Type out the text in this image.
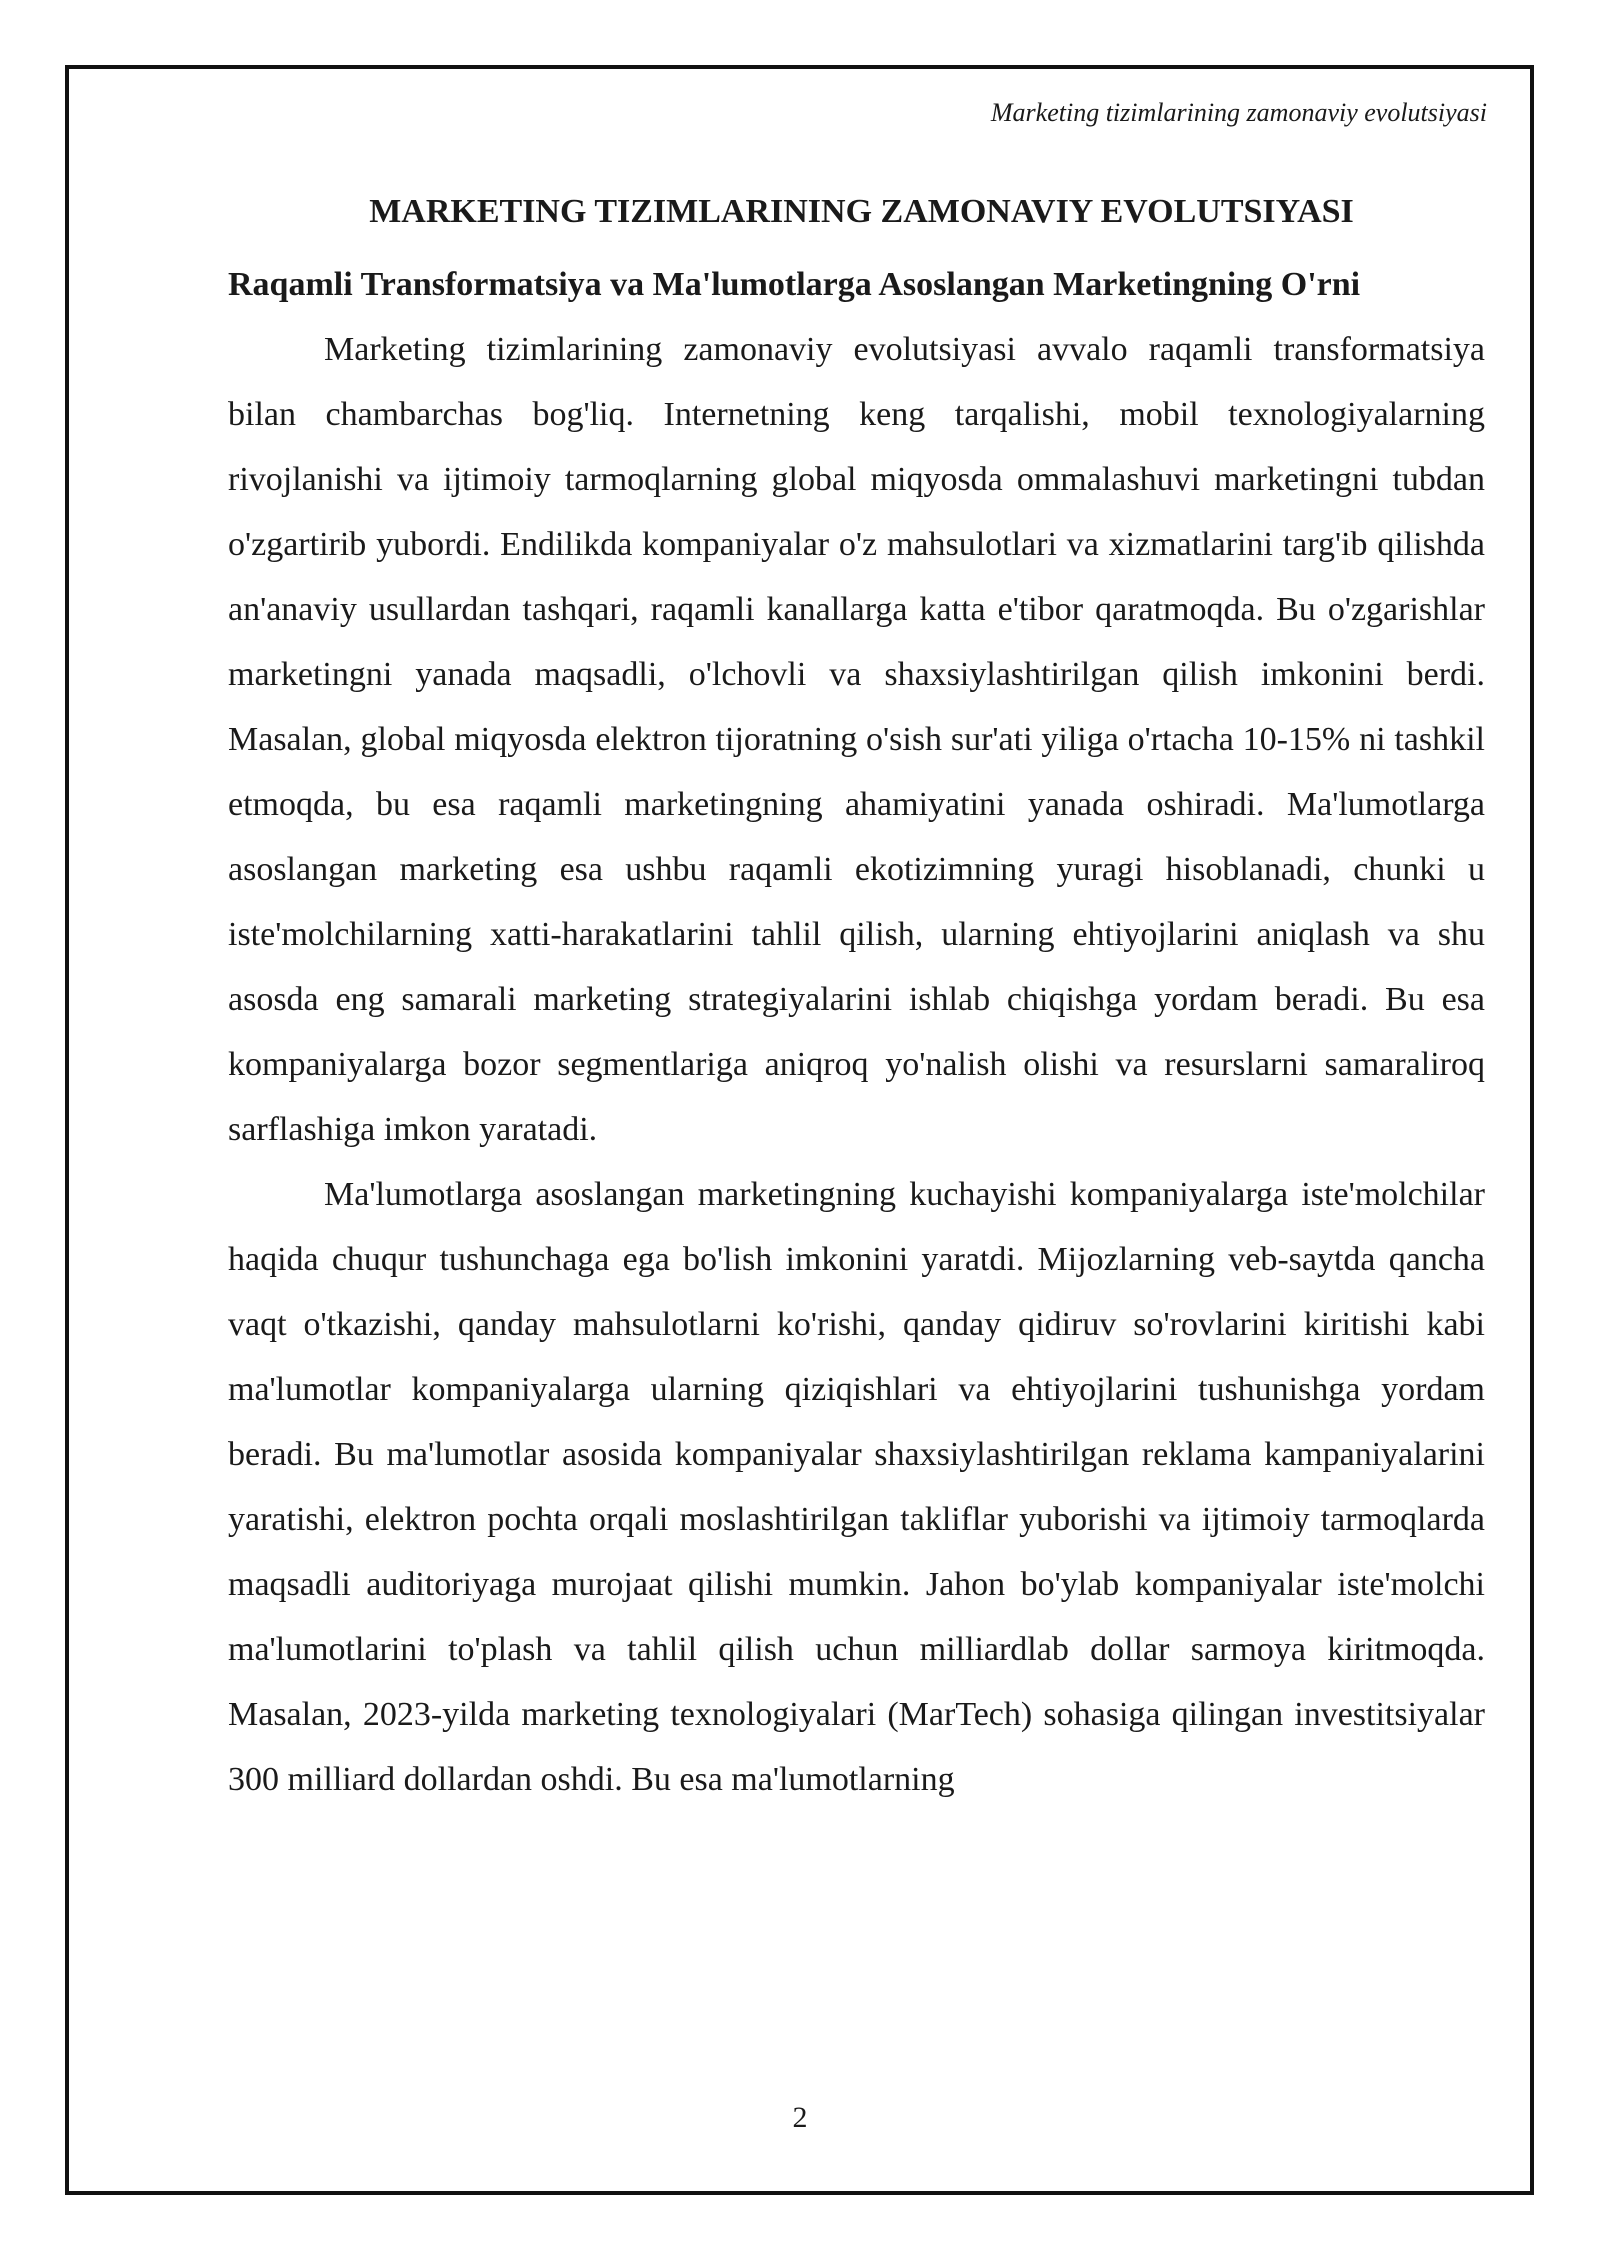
Marketing tizimlarining zamonaviy evolutsiyasi
MARKETING TIZIMLARINING ZAMONAVIY EVOLUTSIYASI
Raqamli Transformatsiya va Ma'lumotlarga Asoslangan Marketingning O'rni

Marketing tizimlarining zamonaviy evolutsiyasi avvalo raqamli transformatsiya bilan chambarchas bog'liq. Internetning keng tarqalishi, mobil texnologiyalarning rivojlanishi va ijtimoiy tarmoqlarning global miqyosda ommalashuvi marketingni tubdan o'zgartirib yubordi. Endilikda kompaniyalar o'z mahsulotlari va xizmatlarini targ'ib qilishda an'anaviy usullardan tashqari, raqamli kanallarga katta e'tibor qaratmoqda. Bu o'zgarishlar marketingni yanada maqsadli, o'lchovli va shaxsiylashtirilgan qilish imkonini berdi. Masalan, global miqyosda elektron tijoratning o'sish sur'ati yiliga o'rtacha 10-15% ni tashkil etmoqda, bu esa raqamli marketingning ahamiyatini yanada oshiradi. Ma'lumotlarga asoslangan marketing esa ushbu raqamli ekotizimning yuragi hisoblanadi, chunki u iste'molchilarning xatti-harakatlarini tahlil qilish, ularning ehtiyojlarini aniqlash va shu asosda eng samarali marketing strategiyalarini ishlab chiqishga yordam beradi. Bu esa kompaniyalarga bozor segmentlariga aniqroq yo'nalish olishi va resurslarni samaraliroq sarflashiga imkon yaratadi.

Ma'lumotlarga asoslangan marketingning kuchayishi kompaniyalarga iste'molchilar haqida chuqur tushunchaga ega bo'lish imkonini yaratdi. Mijozlarning veb-saytda qancha vaqt o'tkazishi, qanday mahsulotlarni ko'rishi, qanday qidiruv so'rovlarini kiritishi kabi ma'lumotlar kompaniyalarga ularning qiziqishlari va ehtiyojlarini tushunishga yordam beradi. Bu ma'lumotlar asosida kompaniyalar shaxsiylashtirilgan reklama kampaniyalarini yaratishi, elektron pochta orqali moslashtirilgan takliflar yuborishi va ijtimoiy tarmoqlarda maqsadli auditoriyaga murojaat qilishi mumkin. Jahon bo'ylab kompaniyalar iste'molchi ma'lumotlarini to'plash va tahlil qilish uchun milliardlab dollar sarmoya kiritmoqda. Masalan, 2023-yilda marketing texnologiyalari (MarTech) sohasiga qilingan investitsiyalar 300 milliard dollardan oshdi. Bu esa ma'lumotlarning

2
